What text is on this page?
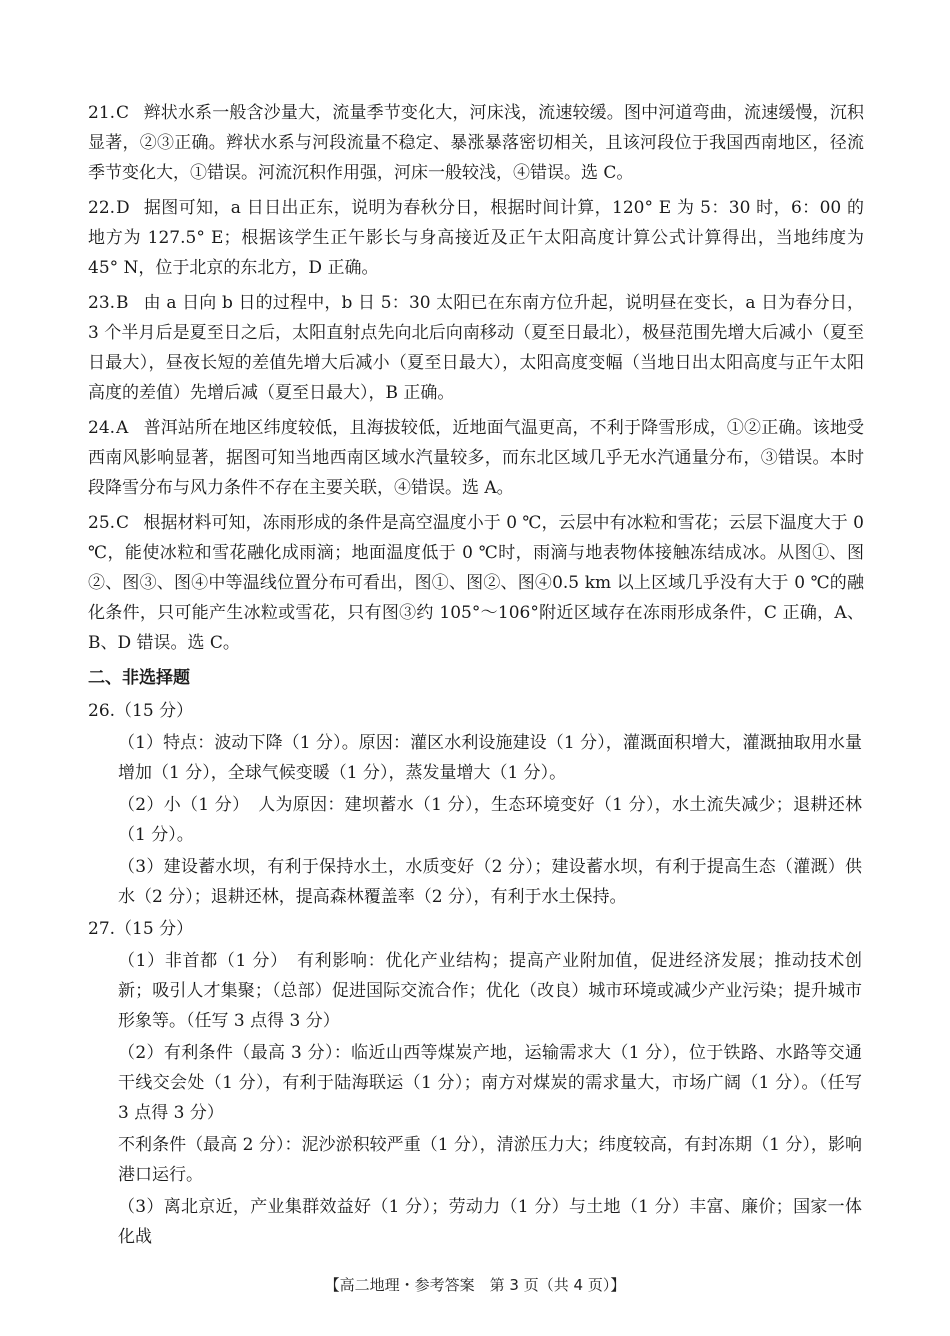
21.C 辫状水系一般含沙量大，流量季节变化大，河床浅，流速较缓。图中河道弯曲，流速缓慢，沉积显著，②③正确。辫状水系与河段流量不稳定、暴涨暴落密切相关，且该河段位于我国西南地区，径流季节变化大，①错误。河流沉积作用强，河床一般较浅，④错误。选 C。
22.D 据图可知，a 日日出正东，说明为春秋分日，根据时间计算，120° E 为 5：30 时，6：00 的地方为 127.5° E；根据该学生正午影长与身高接近及正午太阳高度计算公式计算得出，当地纬度为 45° N，位于北京的东北方，D 正确。
23.B 由 a 日向 b 日的过程中，b 日 5：30 太阳已在东南方位升起，说明昼在变长，a 日为春分日，3 个半月后是夏至日之后，太阳直射点先向北后向南移动（夏至日最北），极昼范围先增大后减小（夏至日最大），昼夜长短的差值先增大后减小（夏至日最大），太阳高度变幅（当地日出太阳高度与正午太阳高度的差值）先增后减（夏至日最大），B 正确。
24.A 普洱站所在地区纬度较低，且海拔较低，近地面气温更高，不利于降雪形成，①②正确。该地受西南风影响显著，据图可知当地西南区域水汽量较多，而东北区域几乎无水汽通量分布，③错误。本时段降雪分布与风力条件不存在主要关联，④错误。选 A。
25.C 根据材料可知，冻雨形成的条件是高空温度小于 0 ℃，云层中有冰粒和雪花；云层下温度大于 0 ℃，能使冰粒和雪花融化成雨滴；地面温度低于 0 ℃时，雨滴与地表物体接触冻结成冰。从图①、图②、图③、图④中等温线位置分布可看出，图①、图②、图④0.5 km 以上区域几乎没有大于 0 ℃的融化条件，只可能产生冰粒或雪花，只有图③约 105°～106°附近区域存在冻雨形成条件，C 正确，A、B、D 错误。选 C。
二、非选择题
26.（15 分）
（1）特点：波动下降（1 分）。原因：灌区水利设施建设（1 分），灌溉面积增大，灌溉抽取用水量增加（1 分），全球气候变暖（1 分），蒸发量增大（1 分）。
（2）小（1 分）　人为原因：建坝蓄水（1 分），生态环境变好（1 分），水土流失减少；退耕还林（1 分）。
（3）建设蓄水坝，有利于保持水土，水质变好（2 分）；建设蓄水坝，有利于提高生态（灌溉）供水（2 分）；退耕还林，提高森林覆盖率（2 分），有利于水土保持。
27.（15 分）
（1）非首都（1 分）　有利影响：优化产业结构；提高产业附加值，促进经济发展；推动技术创新；吸引人才集聚；（总部）促进国际交流合作；优化（改良）城市环境或减少产业污染；提升城市形象等。（任写 3 点得 3 分）
（2）有利条件（最高 3 分）：临近山西等煤炭产地，运输需求大（1 分），位于铁路、水路等交通干线交会处（1 分），有利于陆海联运（1 分）；南方对煤炭的需求量大，市场广阔（1 分）。（任写 3 点得 3 分）
不利条件（最高 2 分）：泥沙淤积较严重（1 分），清淤压力大；纬度较高，有封冻期（1 分），影响港口运行。
（3）离北京近，产业集群效益好（1 分）；劳动力（1 分）与土地（1 分）丰富、廉价；国家一体化战
【高二地理・参考答案　第 3 页（共 4 页）】
